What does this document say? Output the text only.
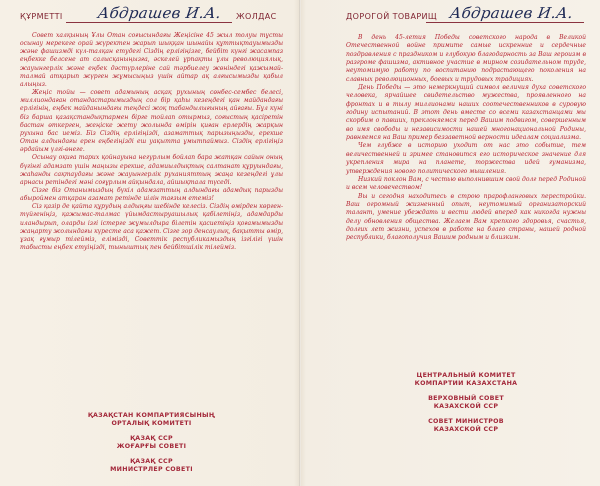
ҚҰРМЕТТІ Абдрашев И.А. ЖОЛДАС

Совет халқының Ұлы Отан соғысындағы Жеңісіне 45 жыл толуы тұсты осынау мерекеге орай жүректен жарып шыққан шынайы құттықтауымызды және фашизмді күл-талқан етудегі Сіздің ерлігіңізге, бейбіт күнгі жасампаз еңбекке белсене ат салысқаныңызға, әскелей ұрпақты ұлы революциялық, жауынгерлік және еңбек дәстүрлеріне сай тәрбиелеу жөніндегі қажымай-талмай атқарып жүрген жұмысыңыз үшін айтар ақ алғысымызды қабыл алыңыз.

Жеңіс тойы — совет адамының асқақ рухының сөнбес-сембес белесі, миллиондаған отандастарымыздың сол бір қаһы кезеңдегі қан майдандағы ерлігінің, еңбек майданындағы теңдесі жоқ табандылығының айғағы. Бұл күні біз барша қазақстандықтармен бірге тойлап отырмыз, соғыстың қасіретін бастан өткерген, жеңіске жету жолында өмірін қиған ерлердің жарқын рухына бас иеміз. Біз Сіздің ерлігіңізді, азаматтық парызыңызды, ерекше Отан алдындағы ерен еңбегіңізді еш уақытта ұмытпаймыз. Сіздің ерлігіңіз әрдайым үлгі-өнеге.

Осынау оқиға тарих қойнауына негурлым бойлап бара жатқан сайын оның бүгінгі адамзат үшін маңызы ерекше, адамиылдықтың салтанат құруындағы, жаһанды сақтаудағы және жауынгерлік руханияттың жаңа кезеңдегі ұлы арнасы ретіндегі мәні соғұрлым айқындала, айшықтала түседі.

Сізге біз Отанымыздың бүкіл адамзаттың алдындағы адамдық парызды абыроймен атқаран азамат ретінде иілін тағзым етеміз!

Сіз қазір де қайта құрудың алдыңғы шебінде келесіз. Сіздің өмірден көрген-түйгеніңіз, қажымас-талмас үйымдастыруашылық қабілетіңіз, адамдарды иландырып, оларды ізгі істерге жұмылдыра білетін қасиетіңіз қоғамымызды жаңарту жолындағы күресте аса қажет. Сізге зор денсаулық, бақытты өмір, ұзақ ғұмыр тілейміз, елімізді, Советтік республикамыздың ізгілігі үшін табысты еңбек етуіңізді, тыныштық пен бейбітшілік тілейміз.

ҚАЗАҚСТАН КОМПАРТИЯСЫНЫҢ
ОРТАЛЫҚ КОМИТЕТІ
ҚАЗАҚ ССР
ЖОҒАРҒЫ СОВЕТІ
ҚАЗАҚ ССР
МИНИСТРЛЕР СОВЕТІ
ДОРОГОЙ ТОВАРИЩ Абдрашев И.А.

В день 45-летия Победы советского народа в Великой Отечественной войне примите самые искренние и сердечные поздравления с праздником и глубокую благодарность за Ваш героизм в разгроме фашизма, активное участие в мирном созидательном труде, неутомимую работу по воспитанию подрастающего поколения на славных революционных, боевых и трудовых традициях.

День Победы — это немеркнущий символ величия духа советского человека, ярчайшее свидетельство мужества, проявленного на фронтах и в тылу миллионами наших соотечественников в суровую годину испытаний. В этот день вместе со всеми казахстанцами мы скорбим о павших, преклоняемся перед Вашим подвигом, совершенным во имя свободы и независимости нашей многонациональной Родины, равняемся на Ваш пример беззаветной верности идеалам социализма.

Чем глубже в историю уходит от нас это событие, тем величественней и зримее становится его историческое значение для укрепления мира на планете, торжества идей гуманизма, утверждения нового политического мышления.

Низкий поклон Вам, с честью выполнившим свой долг перед Родиной и всем человечеством!

Вы и сегодня находитесь в строю прарофланговых перестройки. Ваш огромный жизненный опыт, неутомимый организаторский талант, умение убеждать и вести людей вперед как никогда нужны делу обновления общества. Желаем Вам крепкого здоровья, счастья, долгих лет жизни, успехов в работе на благо страны, нашей родной республики, благополучия Вашим родным и близким.

ЦЕНТРАЛЬНЫЙ КОМИТЕТ
КОМПАРТИИ КАЗАХСТАНА
ВЕРХОВНЫЙ СОВЕТ
КАЗАХСКОЙ ССР
СОВЕТ МИНИСТРОВ
КАЗАХСКОЙ ССР
